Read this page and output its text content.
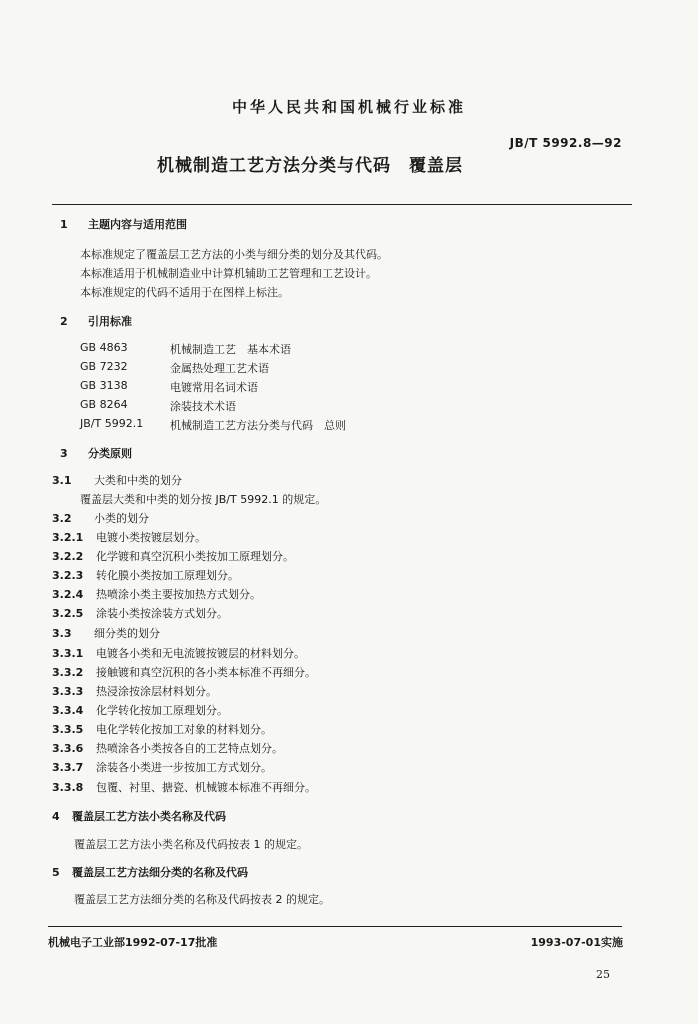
中华人民共和国机械行业标准
JB/T 5992.8—92
机械制造工艺方法分类与代码　覆盖层
1 主题内容与适用范围
本标准规定了覆盖层工艺方法的小类与细分类的划分及其代码。
本标准适用于机械制造业中计算机辅助工艺管理和工艺设计。
本标准规定的代码不适用于在图样上标注。
2 引用标准
GB 4863	机械制造工艺　基本术语
GB 7232	金属热处理工艺术语
GB 3138	电镀常用名词术语
GB 8264	涂装技术术语
JB/T 5992.1 机械制造工艺方法分类与代码　总则
3 分类原则
3.1 大类和中类的划分
覆盖层大类和中类的划分按 JB/T 5992.1 的规定。
3.2 小类的划分
3.2.1 电镀小类按镀层划分。
3.2.2 化学镀和真空沉积小类按加工原理划分。
3.2.3 转化膜小类按加工原理划分。
3.2.4 热喷涂小类主要按加热方式划分。
3.2.5 涂装小类按涂装方式划分。
3.3 细分类的划分
3.3.1 电镀各小类和无电流镀按镀层的材料划分。
3.3.2 接触镀和真空沉积的各小类本标准不再细分。
3.3.3 热浸涂按涂层材料划分。
3.3.4 化学转化按加工原理划分。
3.3.5 电化学转化按加工对象的材料划分。
3.3.6 热喷涂各小类按各自的工艺特点划分。
3.3.7 涂装各小类进一步按加工方式划分。
3.3.8 包覆、衬里、搪瓷、机械镀本标准不再细分。
4 覆盖层工艺方法小类名称及代码
覆盖层工艺方法小类名称及代码按表 1 的规定。
5 覆盖层工艺方法细分类的名称及代码
覆盖层工艺方法细分类的名称及代码按表 2 的规定。
机械电子工业部1992-07-17批准	1993-07-01实施
25
